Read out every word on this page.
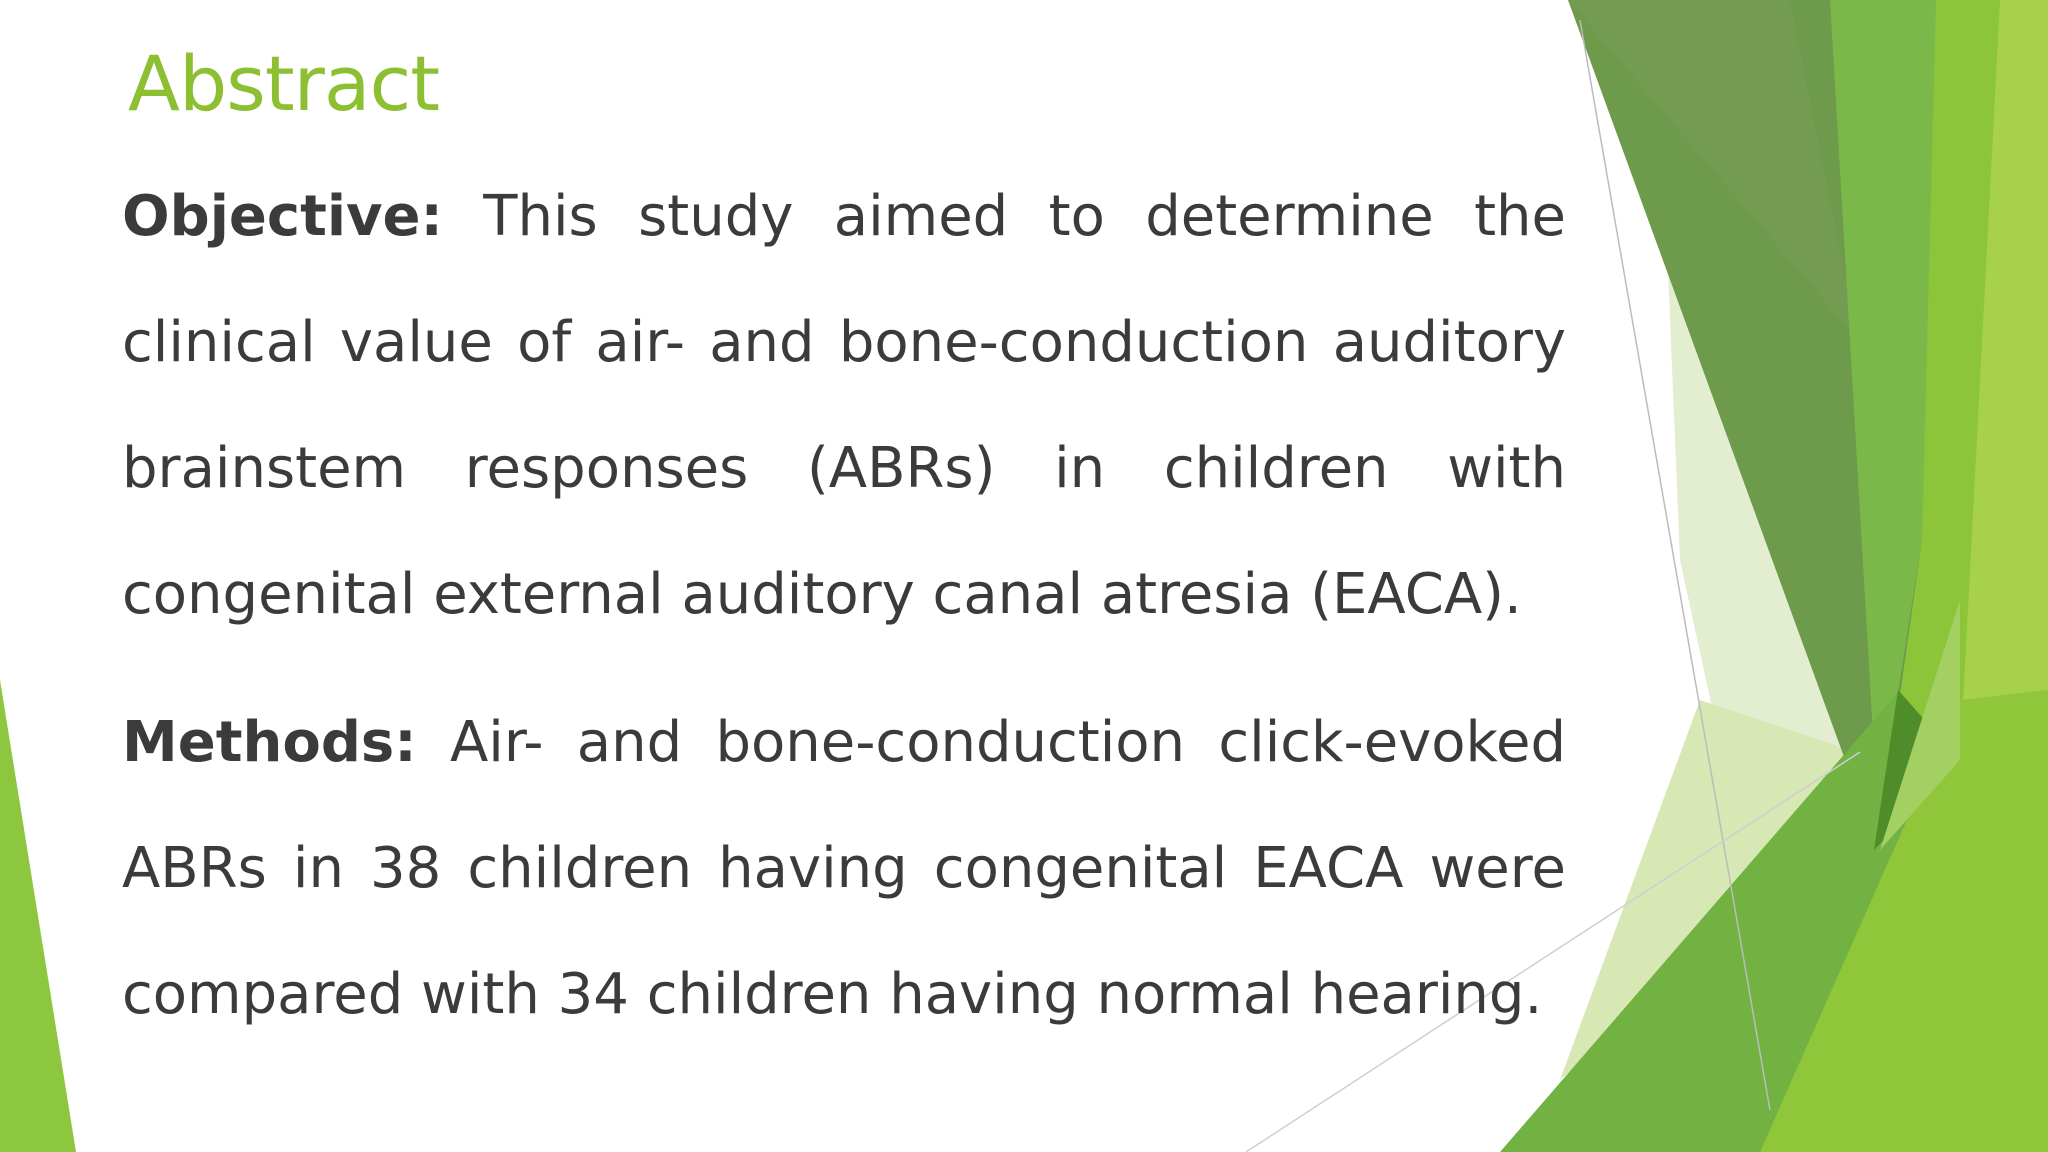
Abstract

Objective: This study aimed to determine the clinical value of air- and bone-conduction auditory brainstem responses (ABRs) in children with congenital external auditory canal atresia (EACA).

Methods: Air- and bone-conduction click-evoked ABRs in 38 children having congenital EACA were compared with 34 children having normal hearing.
